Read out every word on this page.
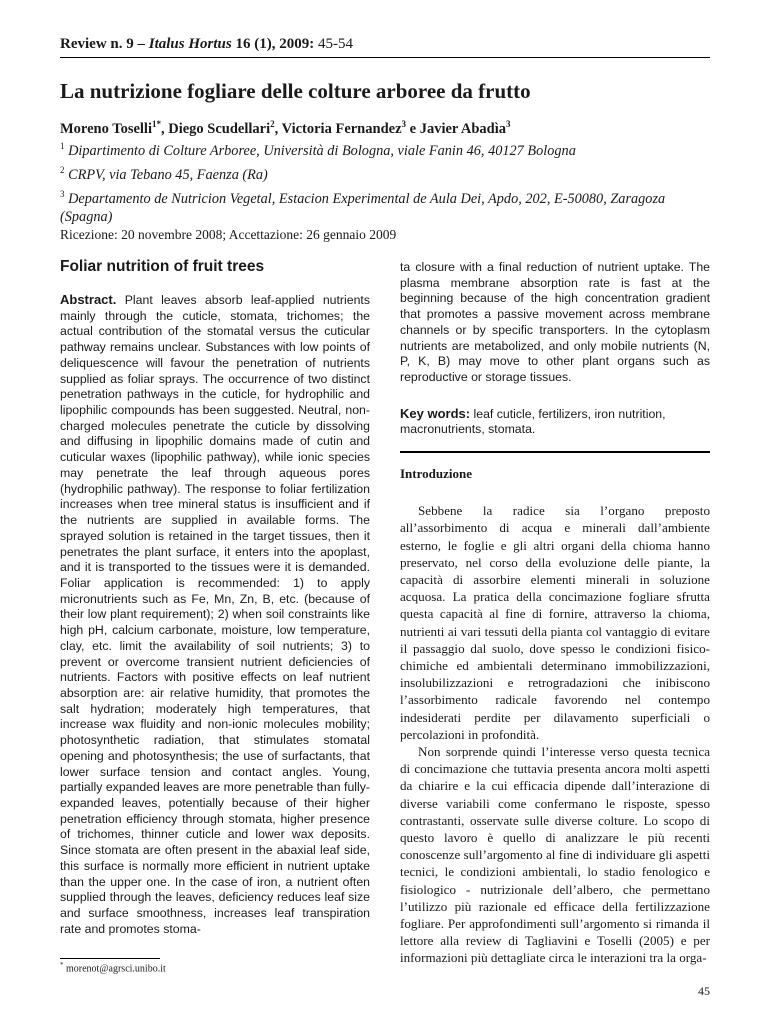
Review n. 9 – Italus Hortus 16 (1), 2009: 45-54
La nutrizione fogliare delle colture arboree da frutto
Moreno Toselli$^{1*}$, Diego Scudellari$^2$, Victoria Fernandez$^3$ e Javier Abadìa$^3$
$^1$ Dipartimento di Colture Arboree, Università di Bologna, viale Fanin 46, 40127 Bologna
$^2$ CRPV, via Tebano 45, Faenza (Ra)
$^3$ Departamento de Nutricion Vegetal, Estacion Experimental de Aula Dei, Apdo, 202, E-50080, Zaragoza (Spagna)
Ricezione: 20 novembre 2008; Accettazione: 26 gennaio 2009
Foliar nutrition of fruit trees

Abstract. Plant leaves absorb leaf-applied nutrients mainly through the cuticle, stomata, trichomes; the actual contribution of the stomatal versus the cuticular pathway remains unclear. Substances with low points of deliquescence will favour the penetration of nutrients supplied as foliar sprays. The occurrence of two distinct penetration pathways in the cuticle, for hydrophilic and lipophilic compounds has been suggested. Neutral, non-charged molecules penetrate the cuticle by dissolving and diffusing in lipophilic domains made of cutin and cuticular waxes (lipophilic pathway), while ionic species may penetrate the leaf through aqueous pores (hydrophilic pathway). The response to foliar fertilization increases when tree mineral status is insufficient and if the nutrients are supplied in available forms. The sprayed solution is retained in the target tissues, then it penetrates the plant surface, it enters into the apoplast, and it is transported to the tissues were it is demanded. Foliar application is recommended: 1) to apply micronutrients such as Fe, Mn, Zn, B, etc. (because of their low plant requirement); 2) when soil constraints like high pH, calcium carbonate, moisture, low temperature, clay, etc. limit the availability of soil nutrients; 3) to prevent or overcome transient nutrient deficiencies of nutrients. Factors with positive effects on leaf nutrient absorption are: air relative humidity, that promotes the salt hydration; moderately high temperatures, that increase wax fluidity and non-ionic molecules mobility; photosynthetic radiation, that stimulates stomatal opening and photosynthesis; the use of surfactants, that lower surface tension and contact angles. Young, partially expanded leaves are more penetrable than fully-expanded leaves, potentially because of their higher penetration efficiency through stomata, higher presence of trichomes, thinner cuticle and lower wax deposits. Since stomata are often present in the abaxial leaf side, this surface is normally more efficient in nutrient uptake than the upper one. In the case of iron, a nutrient often supplied through the leaves, deficiency reduces leaf size and surface smoothness, increases leaf transpiration rate and promotes stoma-

ta closure with a final reduction of nutrient uptake. The plasma membrane absorption rate is fast at the beginning because of the high concentration gradient that promotes a passive movement across membrane channels or by specific transporters. In the cytoplasm nutrients are metabolized, and only mobile nutrients (N, P, K, B) may move to other plant organs such as reproductive or storage tissues.

Key words: leaf cuticle, fertilizers, iron nutrition, macronutrients, stomata.

Introduzione

Sebbene la radice sia l’organo preposto all’assorbimento di acqua e minerali dall’ambiente esterno, le foglie e gli altri organi della chioma hanno preservato, nel corso della evoluzione delle piante, la capacità di assorbire elementi minerali in soluzione acquosa. La pratica della concimazione fogliare sfrutta questa capacità al fine di fornire, attraverso la chioma, nutrienti ai vari tessuti della pianta col vantaggio di evitare il passaggio dal suolo, dove spesso le condizioni fisico-chimiche ed ambientali determinano immobilizzazioni, insolubilizzazioni e retrogradazioni che inibiscono l’assorbimento radicale favorendo nel contempo indesiderati perdite per dilavamento superficiali o percolazioni in profondità.

Non sorprende quindi l’interesse verso questa tecnica di concimazione che tuttavia presenta ancora molti aspetti da chiarire e la cui efficacia dipende dall’interazione di diverse variabili come confermano le risposte, spesso contrastanti, osservate sulle diverse colture. Lo scopo di questo lavoro è quello di analizzare le più recenti conoscenze sull’argomento al fine di individuare gli aspetti tecnici, le condizioni ambientali, lo stadio fenologico e fisiologico - nutrizionale dell’albero, che permettano l’utilizzo più razionale ed efficace della fertilizzazione fogliare. Per approfondimenti sull’argomento si rimanda il lettore alla review di Tagliavini e Toselli (2005) e per informazioni più dettagliate circa le interazioni tra la orga-

* morenot@agrsci.unibo.it
45
